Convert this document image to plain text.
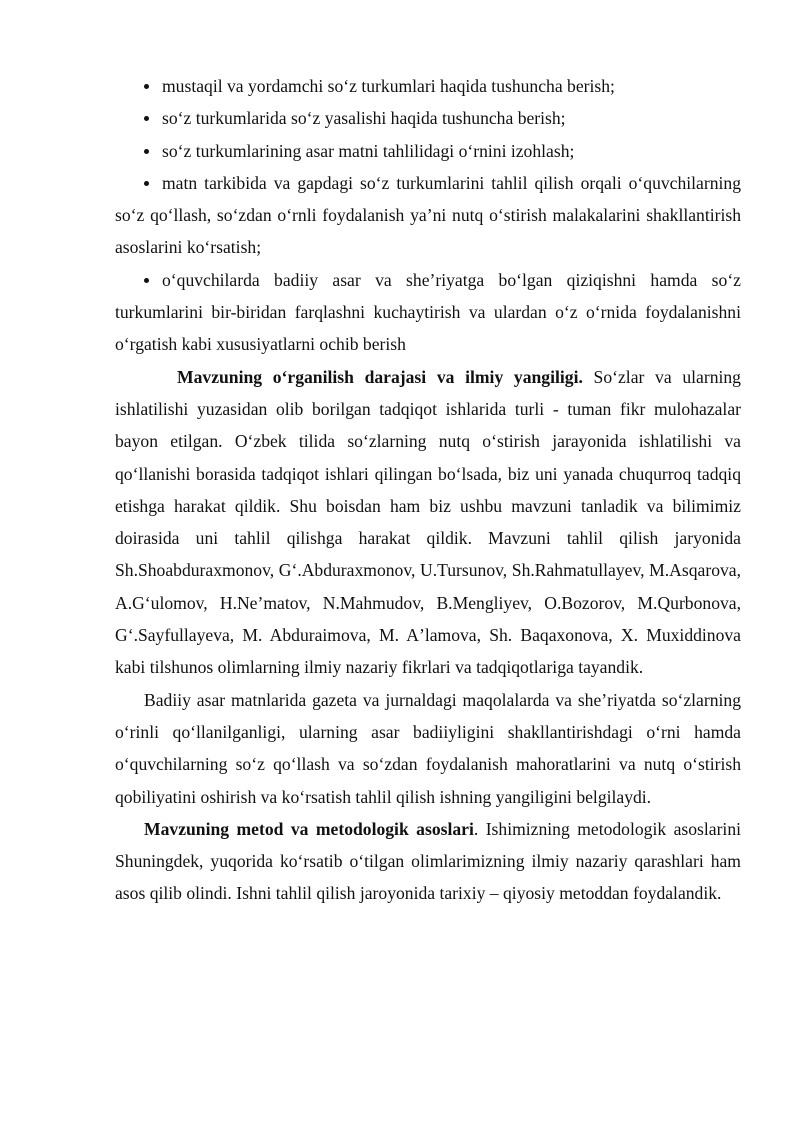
mustaqil va yordamchi soʻz turkumlari haqida tushuncha berish;

soʻz turkumlarida soʻz yasalishi haqida tushuncha berish;

soʻz turkumlarining asar matni tahlilidagi oʻrnini izohlash;

matn tarkibida va gapdagi soʻz turkumlarini tahlil qilish orqali oʻquvchilarning soʻz qoʻllash, soʻzdan oʻrnli foydalanish yaʼni nutq oʻstirish malakalarini shakllantirish asoslarini koʻrsatish;

oʻquvchilarda badiiy asar va sheʼriyatga boʻlgan qiziqishni hamda soʻz turkumlarini bir-biridan farqlashni kuchaytirish va ulardan oʻz oʻrnida foydalanishni oʻrgatish kabi xususiyatlarni ochib berish

Mavzuning oʻrganilish darajasi va ilmiy yangiligi. Soʻzlar va ularning ishlatilishi yuzasidan olib borilgan tadqiqot ishlarida turli - tuman fikr mulohazalar bayon etilgan. Oʻzbek tilida soʻzlarning nutq oʻstirish jarayonida ishlatilishi va qoʻllanishi borasida tadqiqot ishlari qilingan boʻlsada, biz uni yanada chuqurroq tadqiq etishga harakat qildik. Shu boisdan ham biz ushbu mavzuni tanladik va bilimimiz doirasida uni tahlil qilishga harakat qildik. Mavzuni tahlil qilish jaryonida Sh.Shoabduraxmonov, Gʻ.Abduraxmonov, U.Tursunov, Sh.Rahmatullayev, M.Asqarova, A.Gʻulomov, H.Neʼmatov, N.Mahmudov, B.Mengliyev, O.Bozorov, M.Qurbonova, Gʻ.Sayfullayeva, M. Abduraimova, M. Aʼlamova, Sh. Baqaxonova, X. Muxiddinova kabi tilshunos olimlarning ilmiy nazariy fikrlari va tadqiqotlariga tayandik.

Badiiy asar matnlarida gazeta va jurnaldagi maqolalarda va sheʼriyatda soʻzlarning oʻrinli qoʻllanilganligi, ularning asar badiiyligini shakllantirishdagi oʻrni hamda oʻquvchilarning soʻz qoʻllash va soʻzdan foydalanish mahoratlarini va nutq oʻstirish qobiliyatini oshirish va koʻrsatish tahlil qilish ishning yangiligini belgilaydi.

Mavzuning metod va metodologik asoslari. Ishimizning metodologik asoslarini Shuningdek, yuqorida koʻrsatib oʻtilgan olimlarimizning ilmiy nazariy qarashlari ham asos qilib olindi. Ishni tahlil qilish jaroyonida tarixiy – qiyosiy metoddan foydalandik.
